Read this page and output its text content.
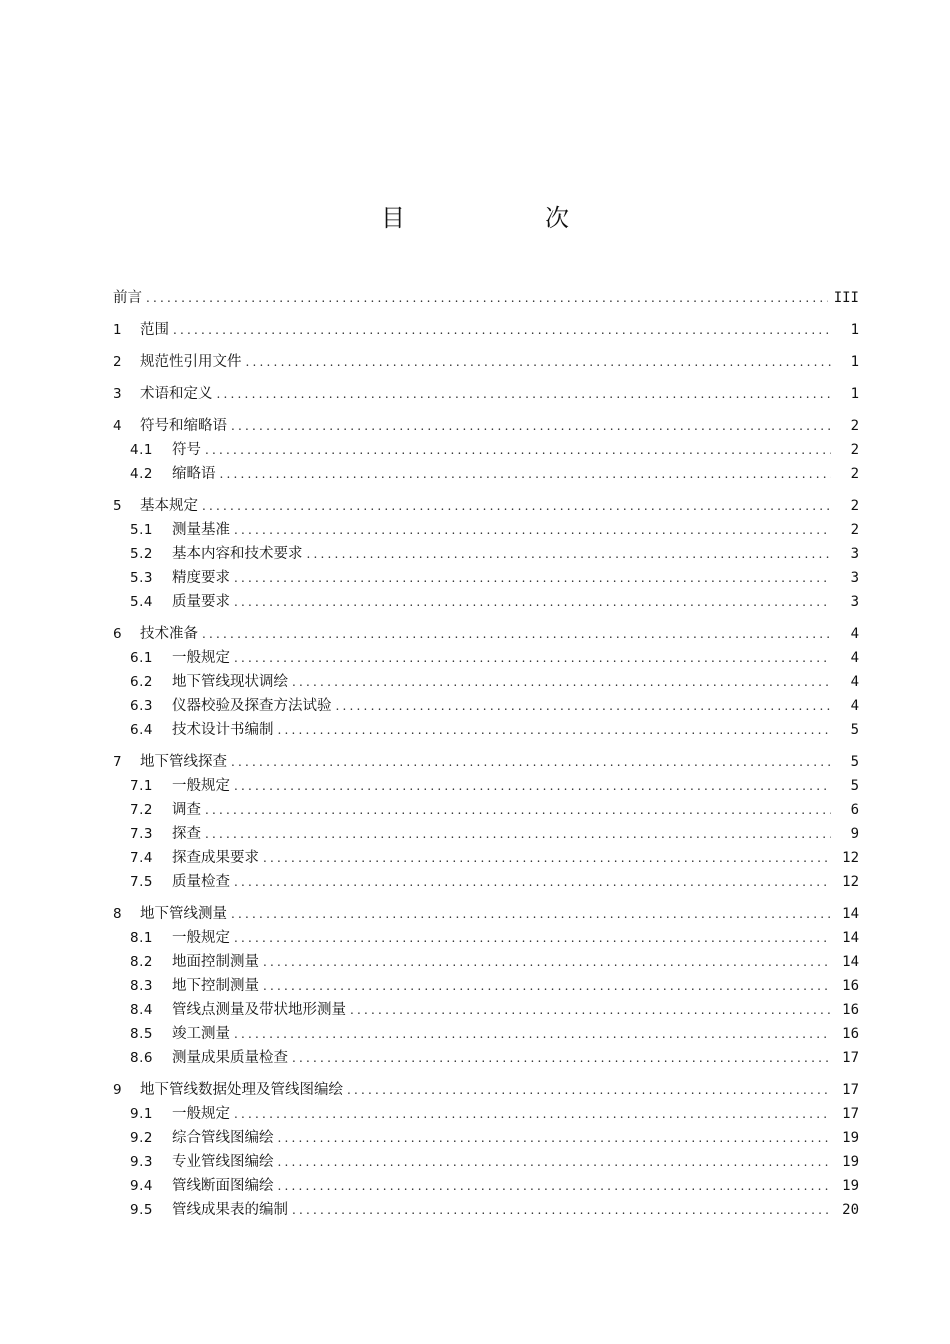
目　次
前言 .....	III
1	范围 .....	1
2	规范性引用文件 .....	1
3	术语和定义 .....	1
4	符号和缩略语 .....	2
4.1	符号 .....	2
4.2	缩略语 .....	2
5	基本规定 .....	2
5.1	测量基准 .....	2
5.2	基本内容和技术要求 .....	3
5.3	精度要求 .....	3
5.4	质量要求 .....	3
6	技术准备 .....	4
6.1	一般规定 .....	4
6.2	地下管线现状调绘 .....	4
6.3	仪器校验及探查方法试验 .....	4
6.4	技术设计书编制 .....	5
7	地下管线探查 .....	5
7.1	一般规定 .....	5
7.2	调查 .....	6
7.3	探查 .....	9
7.4	探查成果要求 .....	12
7.5	质量检查 .....	12
8	地下管线测量 .....	14
8.1	一般规定 .....	14
8.2	地面控制测量 .....	14
8.3	地下控制测量 .....	16
8.4	管线点测量及带状地形测量 .....	16
8.5	竣工测量 .....	16
8.6	测量成果质量检查 .....	17
9	地下管线数据处理及管线图编绘 .....	17
9.1	一般规定 .....	17
9.2	综合管线图编绘 .....	19
9.3	专业管线图编绘 .....	19
9.4	管线断面图编绘 .....	19
9.5	管线成果表的编制 .....	20
